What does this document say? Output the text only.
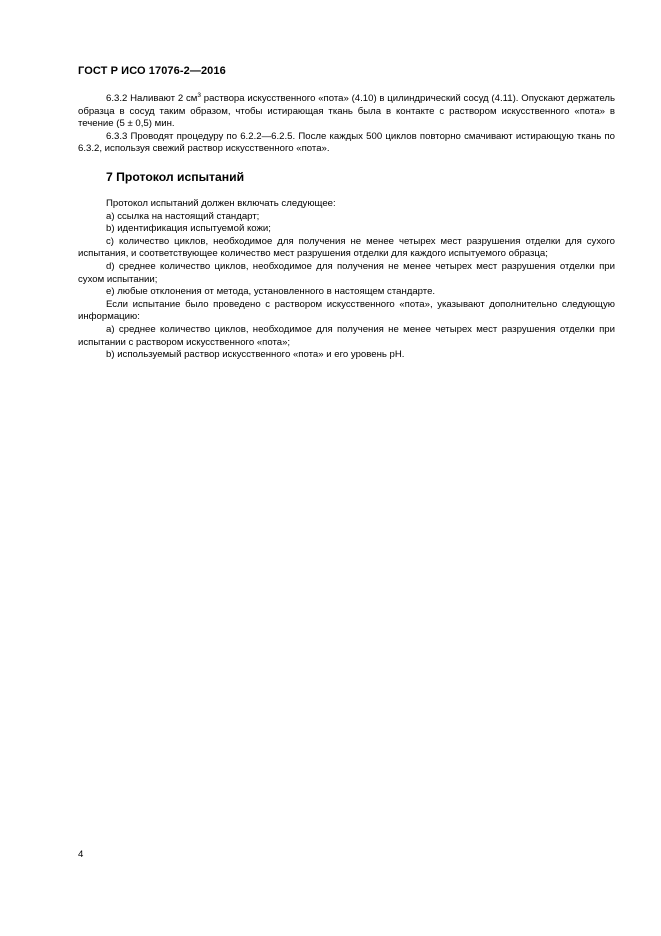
ГОСТ Р ИСО 17076-2—2016

6.3.2 Наливают 2 $см^3$ раствора искусственного «пота» (4.10) в цилиндрический сосуд (4.11). Опускают держатель образца в сосуд таким образом, чтобы истирающая ткань была в контакте с раствором искусственного «пота» в течение (5 ± 0,5) мин.

6.3.3 Проводят процедуру по 6.2.2—6.2.5. После каждых 500 циклов повторно смачивают истирающую ткань по 6.3.2, используя свежий раствор искусственного «пота».

7 Протокол испытаний

Протокол испытаний должен включать следующее:

a) ссылка на настоящий стандарт;

b) идентификация испытуемой кожи;

c) количество циклов, необходимое для получения не менее четырех мест разрушения отделки для сухого испытания, и соответствующее количество мест разрушения отделки для каждого испытуемого образца;

d) среднее количество циклов, необходимое для получения не менее четырех мест разрушения отделки при сухом испытании;

e) любые отклонения от метода, установленного в настоящем стандарте.

Если испытание было проведено с раствором искусственного «пота», указывают дополнительно следующую информацию:

a) среднее количество циклов, необходимое для получения не менее четырех мест разрушения отделки при испытании с раствором искусственного «пота»;

b) используемый раствор искусственного «пота» и его уровень pH.

4
